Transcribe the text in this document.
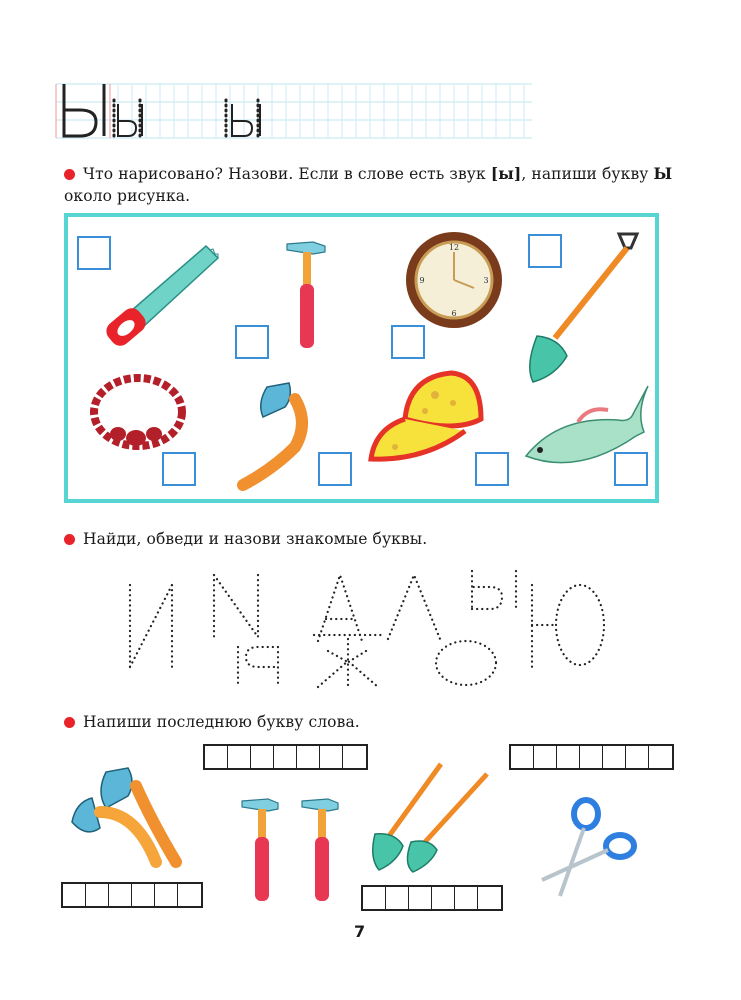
Что нарисовано? Назови. Если в слове есть звук [ы], напиши букву Ы
около рисунка.
12
3
6
9
Найди, обведи и назови знакомые буквы.
Напиши последнюю букву слова.
7
